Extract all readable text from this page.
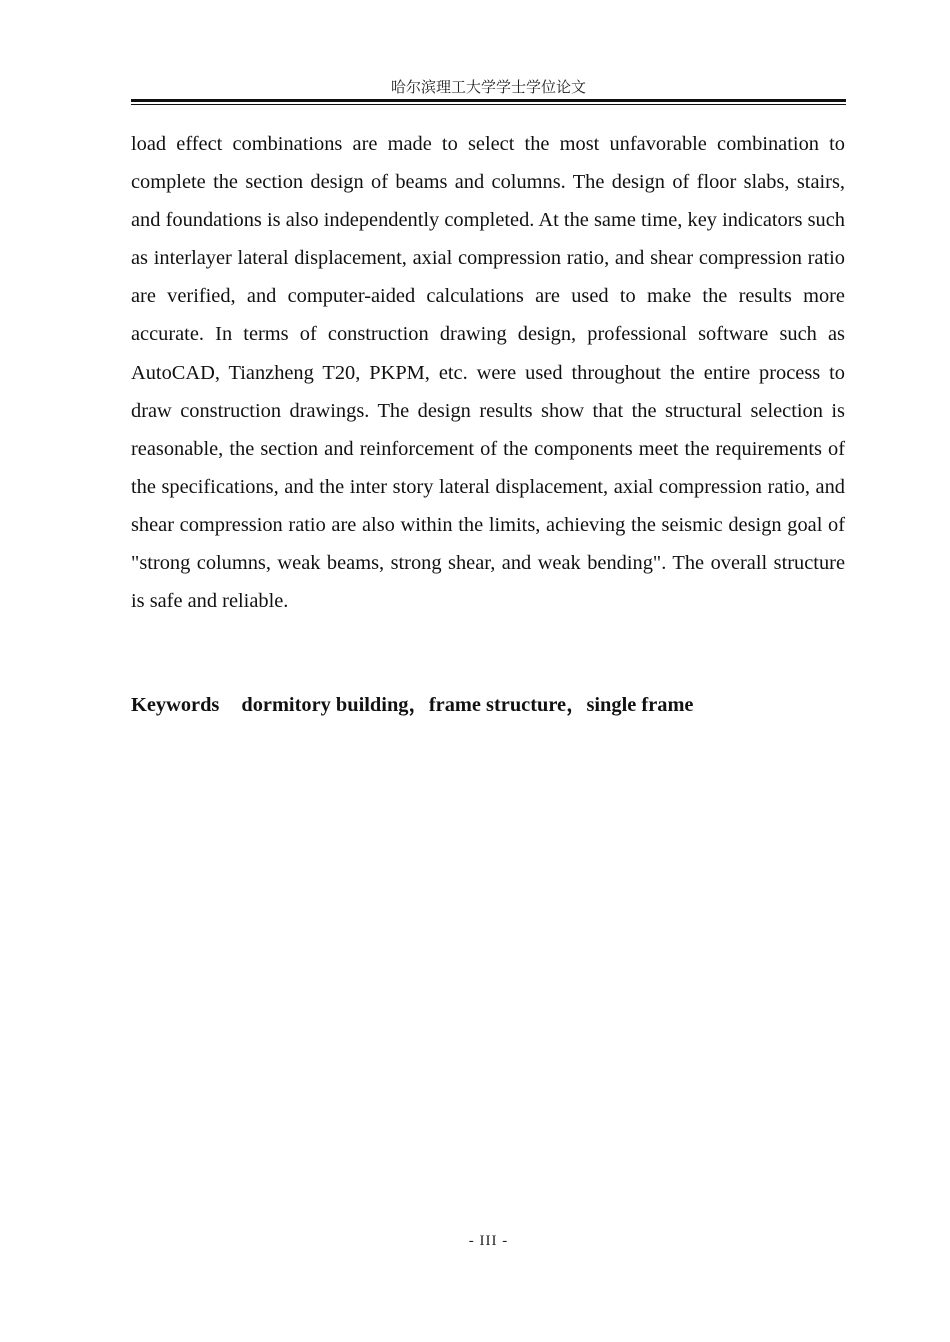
哈尔滨理工大学学士学位论文

load effect combinations are made to select the most unfavorable combination to complete the section design of beams and columns. The design of floor slabs, stairs, and foundations is also independently completed. At the same time, key indicators such as interlayer lateral displacement, axial compression ratio, and shear compression ratio are verified, and computer-aided calculations are used to make the results more accurate. In terms of construction drawing design, professional software such as AutoCAD, Tianzheng T20, PKPM, etc. were used throughout the entire process to draw construction drawings. The design results show that the structural selection is reasonable, the section and reinforcement of the components meet the requirements of the specifications, and the inter story lateral displacement, axial compression ratio, and shear compression ratio are also within the limits, achieving the seismic design goal of "strong columns, weak beams, strong shear, and weak bending". The overall structure is safe and reliable.

Keywords dormitory building，frame structure，single frame
- III -
